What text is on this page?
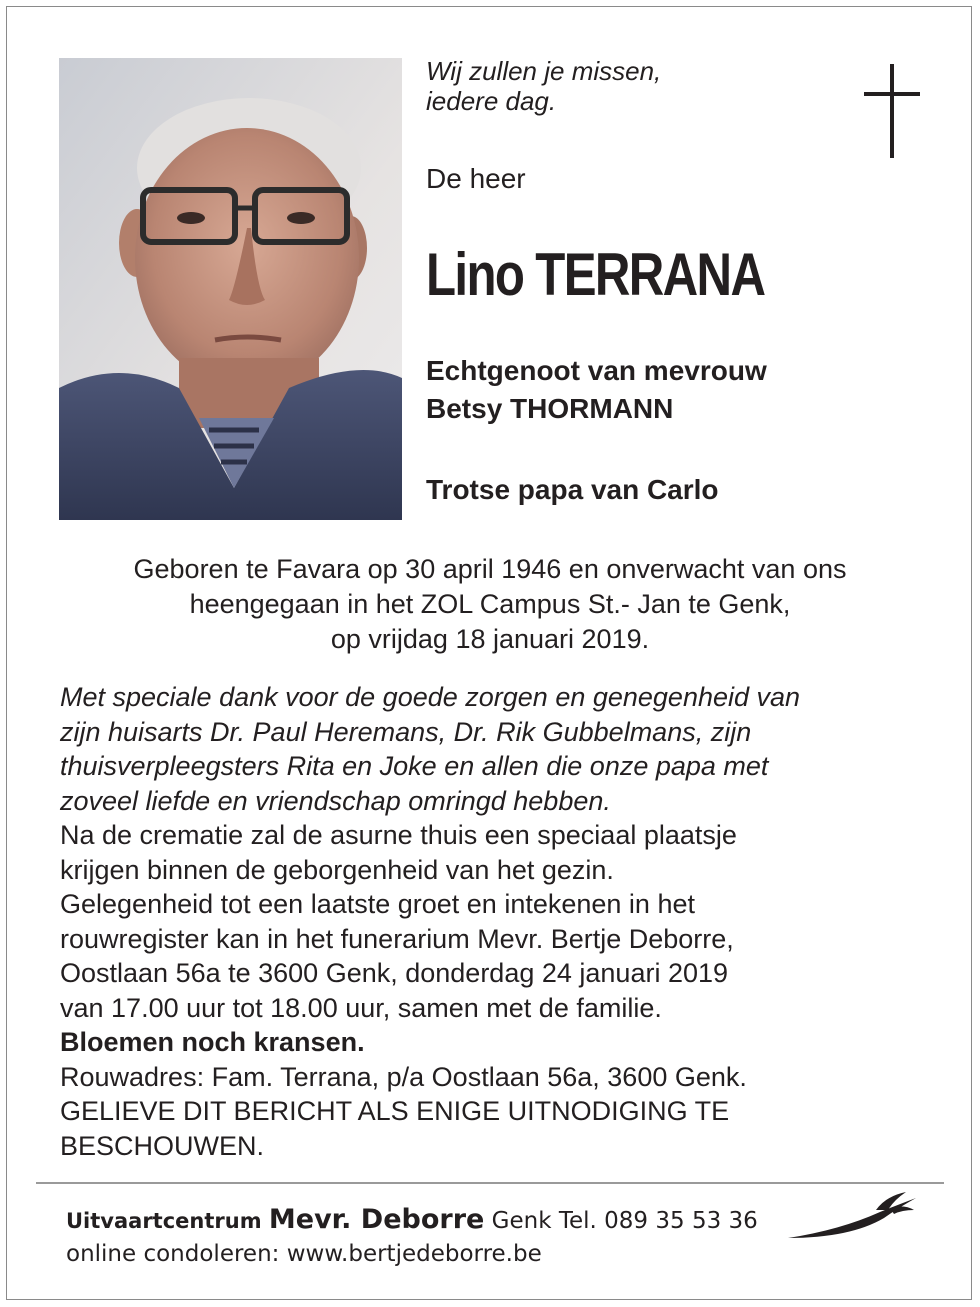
Wij zullen je missen,
iedere dag.
De heer
Lino TERRANA
Echtgenoot van mevrouw
Betsy THORMANN
Trotse papa van Carlo
Geboren te Favara op 30 april 1946 en onverwacht van ons
heengegaan in het ZOL Campus St.- Jan te Genk,
op vrijdag 18 januari 2019.
Met speciale dank voor de goede zorgen en genegenheid van
zijn huisarts Dr. Paul Heremans, Dr. Rik Gubbelmans, zijn
thuisverpleegsters Rita en Joke en allen die onze papa met
zoveel liefde en vriendschap omringd hebben.
Na de crematie zal de asurne thuis een speciaal plaatsje
krijgen binnen de geborgenheid van het gezin.
Gelegenheid tot een laatste groet en intekenen in het
rouwregister kan in het funerarium Mevr. Bertje Deborre,
Oostlaan 56a te 3600 Genk, donderdag 24 januari 2019
van 17.00 uur tot 18.00 uur, samen met de familie.
Bloemen noch kransen.
Rouwadres: Fam. Terrana, p/a Oostlaan 56a, 3600 Genk.
GELIEVE DIT BERICHT ALS ENIGE UITNODIGING TE
BESCHOUWEN.
Uitvaartcentrum Mevr. Deborre Genk Tel. 089 35 53 36
online condoleren: www.bertjedeborre.be
